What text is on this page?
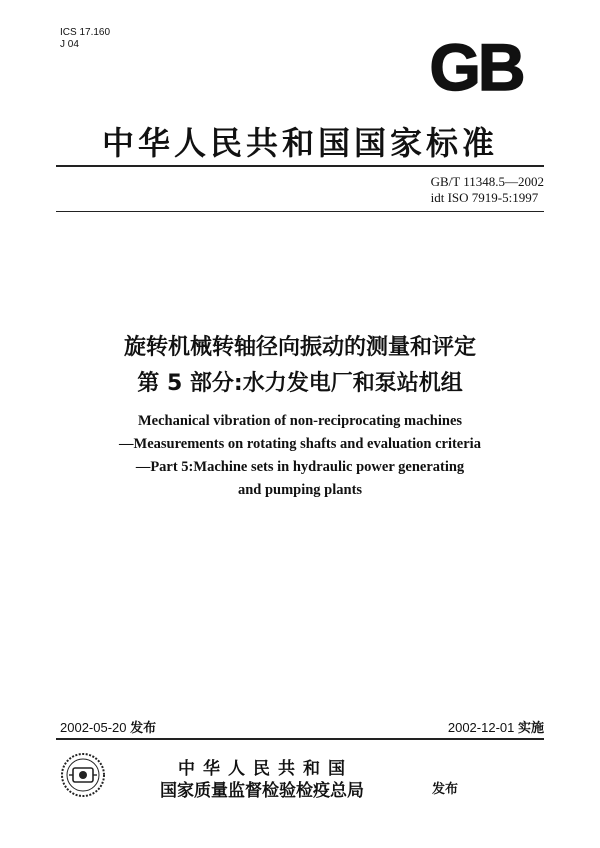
ICS 17.160
J 04	GB
中华人民共和国国家标准
GB/T 11348.5—2002
idt ISO 7919-5:1997
旋转机械转轴径向振动的测量和评定
第 5 部分:水力发电厂和泵站机组
Mechanical vibration of non-reciprocating machines
—Measurements on rotating shafts and evaluation criteria
—Part 5:Machine sets in hydraulic power generating
and pumping plants
2002-05-20 发布	2002-12-01 实施
中华人民共和国
国家质量监督检验检疫总局	发布
